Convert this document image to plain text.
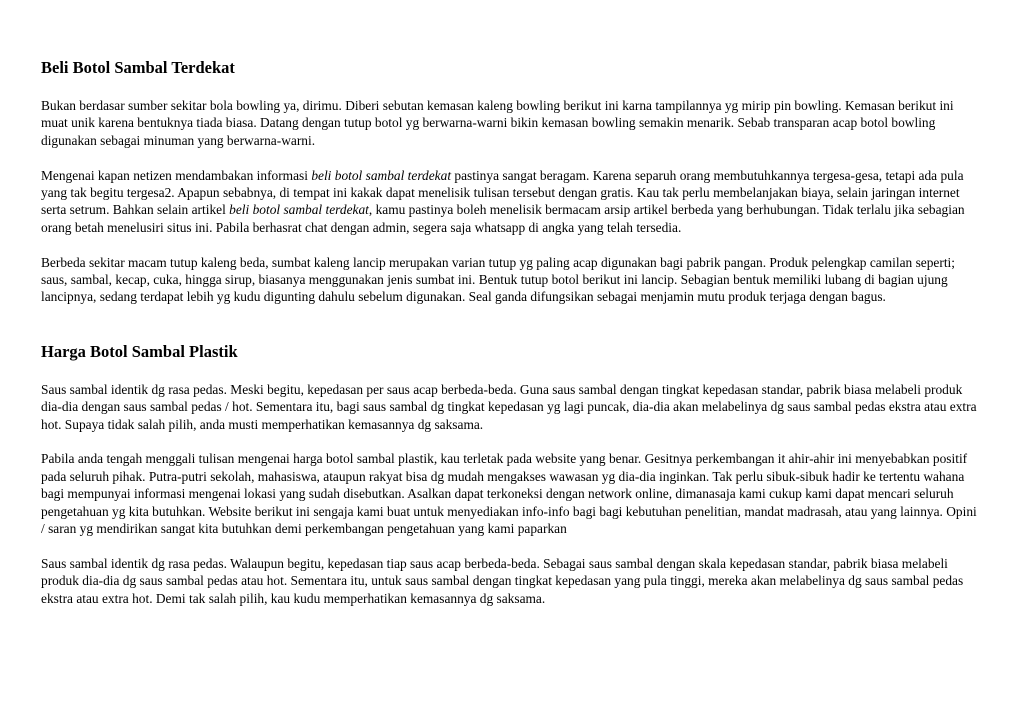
Beli Botol Sambal Terdekat

Bukan berdasar sumber sekitar bola bowling ya, dirimu. Diberi sebutan kemasan kaleng bowling berikut ini karna tampilannya yg mirip pin bowling. Kemasan berikut ini muat unik karena bentuknya tiada biasa. Datang dengan tutup botol yg berwarna-warni bikin kemasan bowling semakin menarik. Sebab transparan acap botol bowling digunakan sebagai minuman yang berwarna-warni.

Mengenai kapan netizen mendambakan informasi beli botol sambal terdekat pastinya sangat beragam. Karena separuh orang membutuhkannya tergesa-gesa, tetapi ada pula yang tak begitu tergesa2. Apapun sebabnya, di tempat ini kakak dapat menelisik tulisan tersebut dengan gratis. Kau tak perlu membelanjakan biaya, selain jaringan internet serta setrum. Bahkan selain artikel beli botol sambal terdekat, kamu pastinya boleh menelisik bermacam arsip artikel berbeda yang berhubungan. Tidak terlalu jika sebagian orang betah menelusiri situs ini. Pabila berhasrat chat dengan admin, segera saja whatsapp di angka yang telah tersedia.

Berbeda sekitar macam tutup kaleng beda, sumbat kaleng lancip merupakan varian tutup yg paling acap digunakan bagi pabrik pangan. Produk pelengkap camilan seperti; saus, sambal, kecap, cuka, hingga sirup, biasanya menggunakan jenis sumbat ini. Bentuk tutup botol berikut ini lancip. Sebagian bentuk memiliki lubang di bagian ujung lancipnya, sedang terdapat lebih yg kudu digunting dahulu sebelum digunakan. Seal ganda difungsikan sebagai menjamin mutu produk terjaga dengan bagus.

Harga Botol Sambal Plastik

Saus sambal identik dg rasa pedas. Meski begitu, kepedasan per saus acap berbeda-beda. Guna saus sambal dengan tingkat kepedasan standar, pabrik biasa melabeli produk dia-dia dengan saus sambal pedas / hot. Sementara itu, bagi saus sambal dg tingkat kepedasan yg lagi puncak, dia-dia akan melabelinya dg saus sambal pedas ekstra atau extra hot. Supaya tidak salah pilih, anda musti memperhatikan kemasannya dg saksama.

Pabila anda tengah menggali tulisan mengenai harga botol sambal plastik, kau terletak pada website yang benar. Gesitnya perkembangan it ahir-ahir ini menyebabkan positif pada seluruh pihak. Putra-putri sekolah, mahasiswa, ataupun rakyat bisa dg mudah mengakses wawasan yg dia-dia inginkan. Tak perlu sibuk-sibuk hadir ke tertentu wahana bagi mempunyai informasi mengenai lokasi yang sudah disebutkan. Asalkan dapat terkoneksi dengan network online, dimanasaja kami cukup kami dapat mencari seluruh pengetahuan yg kita butuhkan. Website berikut ini sengaja kami buat untuk menyediakan info-info bagi bagi kebutuhan penelitian, mandat madrasah, atau yang lainnya. Opini / saran yg mendirikan sangat kita butuhkan demi perkembangan pengetahuan yang kami paparkan

Saus sambal identik dg rasa pedas. Walaupun begitu, kepedasan tiap saus acap berbeda-beda. Sebagai saus sambal dengan skala kepedasan standar, pabrik biasa melabeli produk dia-dia dg saus sambal pedas atau hot. Sementara itu, untuk saus sambal dengan tingkat kepedasan yang pula tinggi, mereka akan melabelinya dg saus sambal pedas ekstra atau extra hot. Demi tak salah pilih, kau kudu memperhatikan kemasannya dg saksama.
